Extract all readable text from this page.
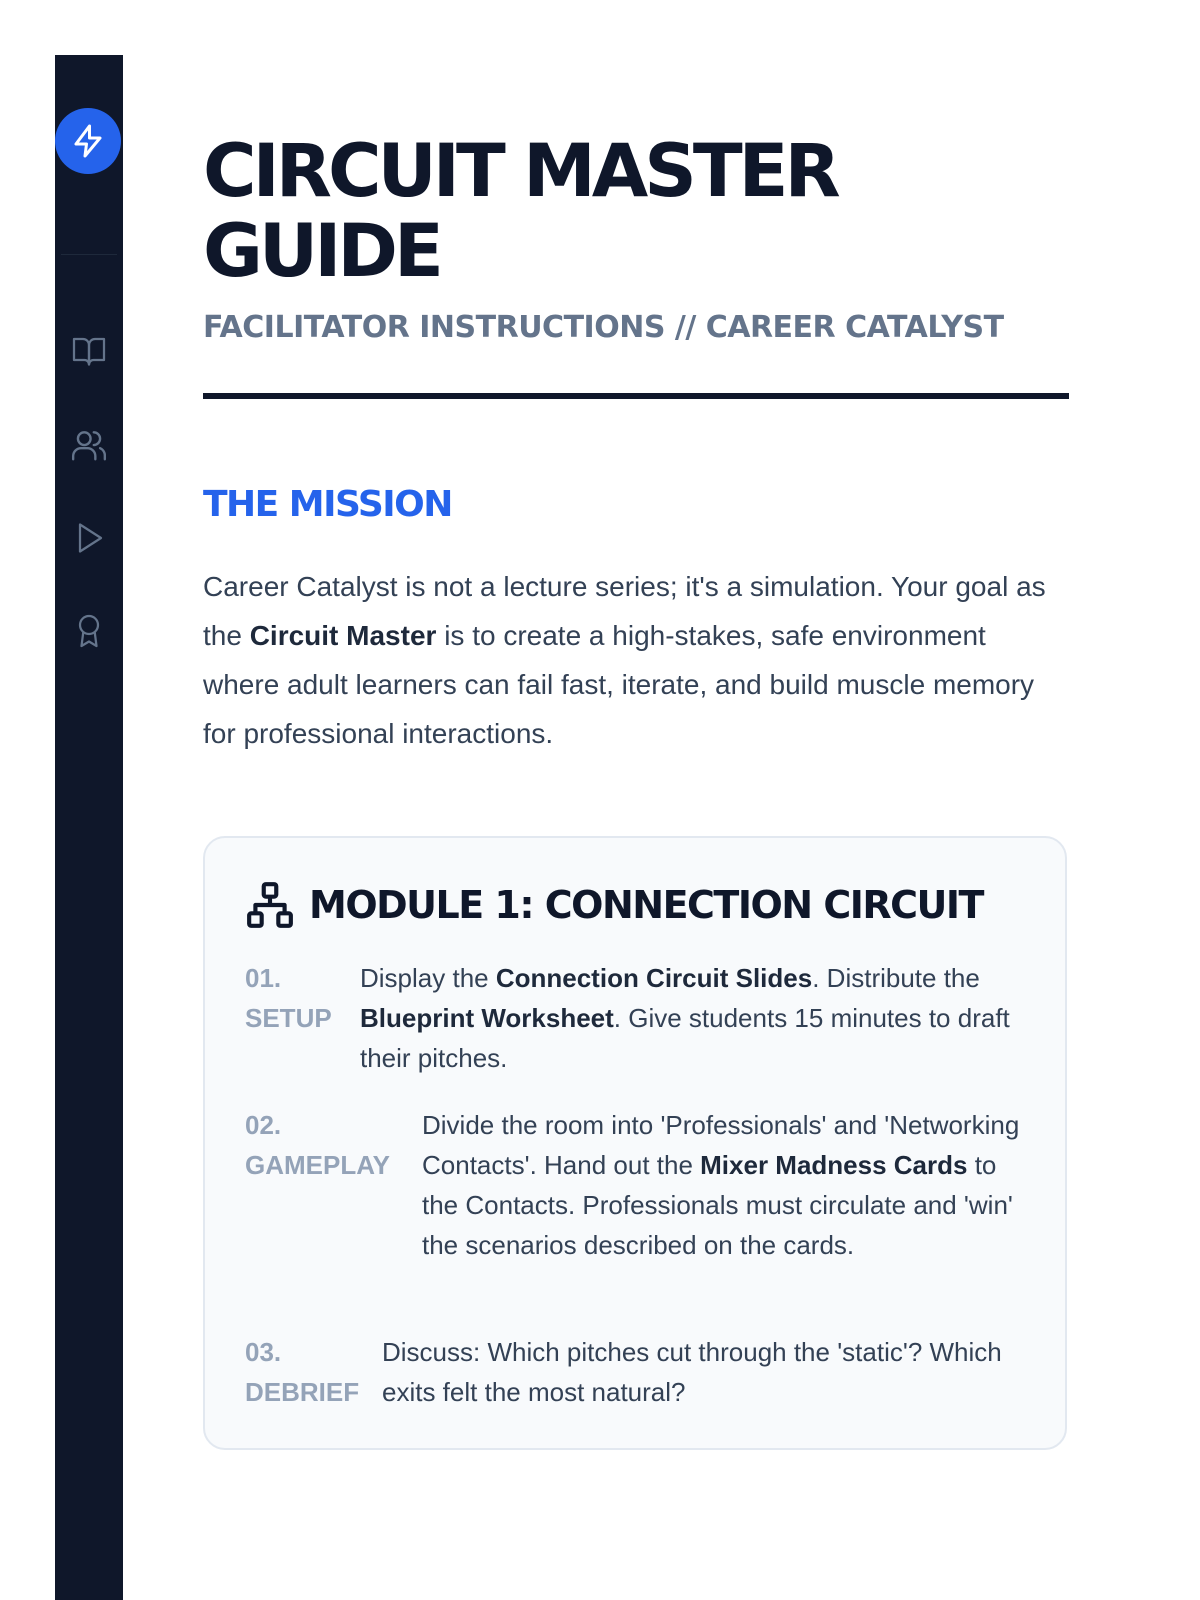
CIRCUIT MASTER
GUIDE
FACILITATOR INSTRUCTIONS // CAREER CATALYST
THE MISSION

Career Catalyst is not a lecture series; it's a simulation. Your goal as the Circuit Master is to create a high-stakes, safe environment where adult learners can fail fast, iterate, and build muscle memory for professional interactions.

MODULE 1: CONNECTION CIRCUIT
01.
SETUP
Display the Connection Circuit Slides. Distribute the Blueprint Worksheet. Give students 15 minutes to draft their pitches.
02.
GAMEPLAY
Divide the room into 'Professionals' and 'Networking Contacts'. Hand out the Mixer Madness Cards to the Contacts. Professionals must circulate and 'win' the scenarios described on the cards.
03.
DEBRIEF
Discuss: Which pitches cut through the 'static'? Which exits felt the most natural?
